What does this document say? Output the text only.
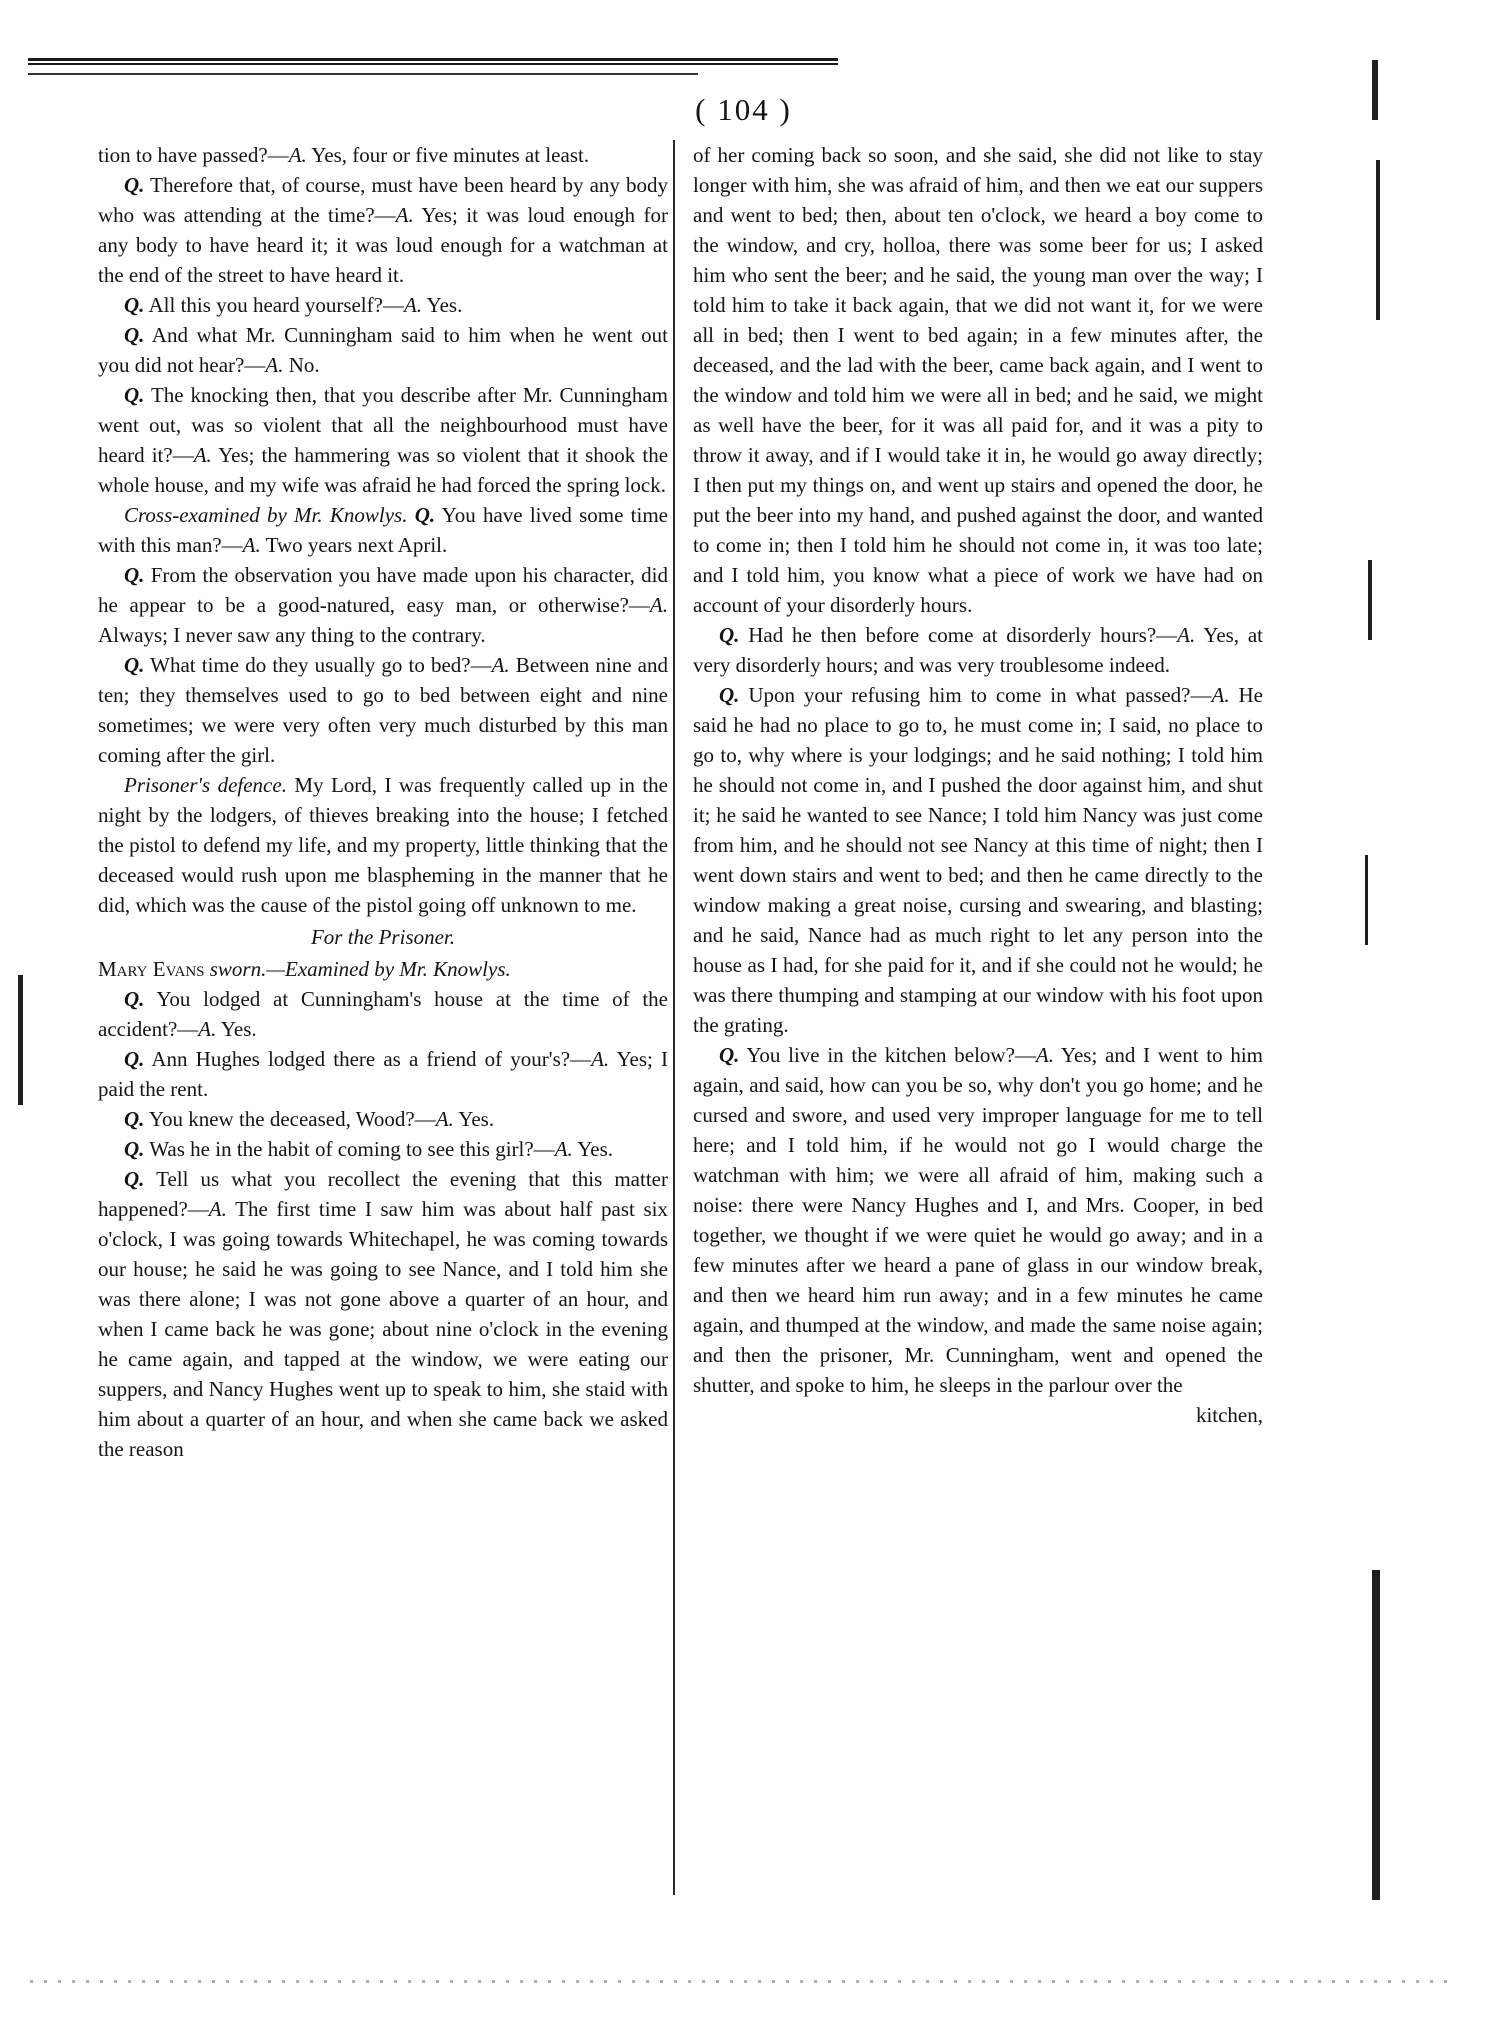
( 104 )

tion to have passed?—A. Yes, four or five minutes at least.

Q. Therefore that, of course, must have been heard by any body who was attending at the time?—A. Yes; it was loud enough for any body to have heard it; it was loud enough for a watchman at the end of the street to have heard it.

Q. All this you heard yourself?—A. Yes.

Q. And what Mr. Cunningham said to him when he went out you did not hear?—A. No.

Q. The knocking then, that you describe after Mr. Cunningham went out, was so violent that all the neighbourhood must have heard it?—A. Yes; the hammering was so violent that it shook the whole house, and my wife was afraid he had forced the spring lock.

Cross-examined by Mr. Knowlys. Q. You have lived some time with this man?—A. Two years next April.

Q. From the observation you have made upon his character, did he appear to be a good-natured, easy man, or otherwise?—A. Always; I never saw any thing to the contrary.

Q. What time do they usually go to bed?—A. Between nine and ten; they themselves used to go to bed between eight and nine sometimes; we were very often very much disturbed by this man coming after the girl.

Prisoner's defence. My Lord, I was frequently called up in the night by the lodgers, of thieves breaking into the house; I fetched the pistol to defend my life, and my property, little thinking that the deceased would rush upon me blaspheming in the manner that he did, which was the cause of the pistol going off unknown to me.

For the Prisoner.

Mary Evans sworn.—Examined by Mr. Knowlys.

Q. You lodged at Cunningham's house at the time of the accident?—A. Yes.

Q. Ann Hughes lodged there as a friend of your's?—A. Yes; I paid the rent.

Q. You knew the deceased, Wood?—A. Yes.

Q. Was he in the habit of coming to see this girl?—A. Yes.

Q. Tell us what you recollect the evening that this matter happened?—A. The first time I saw him was about half past six o'clock, I was going towards Whitechapel, he was coming towards our house; he said he was going to see Nance, and I told him she was there alone; I was not gone above a quarter of an hour, and when I came back he was gone; about nine o'clock in the evening he came again, and tapped at the window, we were eating our suppers, and Nancy Hughes went up to speak to him, she staid with him about a quarter of an hour, and when she came back we asked the reason

of her coming back so soon, and she said, she did not like to stay longer with him, she was afraid of him, and then we eat our suppers and went to bed; then, about ten o'clock, we heard a boy come to the window, and cry, holloa, there was some beer for us; I asked him who sent the beer; and he said, the young man over the way; I told him to take it back again, that we did not want it, for we were all in bed; then I went to bed again; in a few minutes after, the deceased, and the lad with the beer, came back again, and I went to the window and told him we were all in bed; and he said, we might as well have the beer, for it was all paid for, and it was a pity to throw it away, and if I would take it in, he would go away directly; I then put my things on, and went up stairs and opened the door, he put the beer into my hand, and pushed against the door, and wanted to come in; then I told him he should not come in, it was too late; and I told him, you know what a piece of work we have had on account of your disorderly hours.

Q. Had he then before come at disorderly hours?—A. Yes, at very disorderly hours; and was very troublesome indeed.

Q. Upon your refusing him to come in what passed?—A. He said he had no place to go to, he must come in; I said, no place to go to, why where is your lodgings; and he said nothing; I told him he should not come in, and I pushed the door against him, and shut it; he said he wanted to see Nance; I told him Nancy was just come from him, and he should not see Nancy at this time of night; then I went down stairs and went to bed; and then he came directly to the window making a great noise, cursing and swearing, and blasting; and he said, Nance had as much right to let any person into the house as I had, for she paid for it, and if she could not he would; he was there thumping and stamping at our window with his foot upon the grating.

Q. You live in the kitchen below?—A. Yes; and I went to him again, and said, how can you be so, why don't you go home; and he cursed and swore, and used very improper language for me to tell here; and I told him, if he would not go I would charge the watchman with him; we were all afraid of him, making such a noise: there were Nancy Hughes and I, and Mrs. Cooper, in bed together, we thought if we were quiet he would go away; and in a few minutes after we heard a pane of glass in our window break, and then we heard him run away; and in a few minutes he came again, and thumped at the window, and made the same noise again; and then the prisoner, Mr. Cunningham, went and opened the shutter, and spoke to him, he sleeps in the parlour over the

kitchen,
